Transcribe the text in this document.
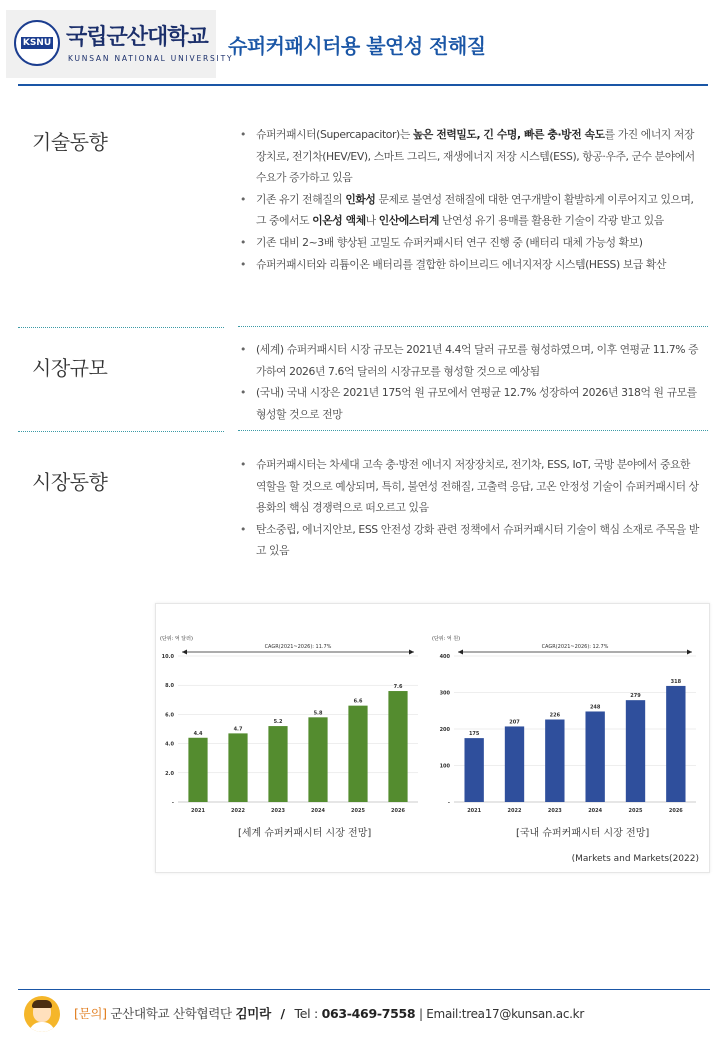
KSNU 국립군산대학교
KUNSAN NATIONAL UNIVERSITY
슈퍼커패시터용 불연성 전해질
기술동향
•	슈퍼커패시터(Supercapacitor)는 높은 전력밀도, 긴 수명, 빠른 충·방전 속도를 가진 에너지 저장 장치로, 전기차(HEV/EV), 스마트 그리드, 재생에너지 저장 시스템(ESS), 항공·우주, 군수 분야에서 수요가 증가하고 있음
• 기존 유기 전해질의 인화성 문제로 불연성 전해질에 대한 연구개발이 활발하게 이루어지고 있으며, 그 중에서도 이온성 액체나 인산에스터계 난연성 유기 용매를 활용한 기술이 각광 받고 있음
• 기존 대비 2~3배 향상된 고밀도 슈퍼커패시터 연구 진행 중 (배터리 대체 가능성 확보)
• 슈퍼커패시터와 리튬이온 배터리를 결합한 하이브리드 에너지저장 시스템(HESS) 보급 확산
시장규모
• (세계) 슈퍼커패시터 시장 규모는 2021년 4.4억 달러 규모를 형성하였으며, 이후 연평균 11.7% 증가하여 2026년 7.6억 달러의 시장규모를 형성할 것으로 예상됨
• (국내) 국내 시장은 2021년 175억 원 규모에서 연평균 12.7% 성장하여 2026년 318억 원 규모를 형성할 것으로 전망
시장동향
• 슈퍼커패시터는 차세대 고속 충·방전 에너지 저장장치로, 전기차, ESS, IoT, 국방 분야에서 중요한 역할을 할 것으로 예상되며, 특히, 불연성 전해질, 고출력 응답, 고온 안정성 기술이 슈퍼커패시터 상용화의 핵심 경쟁력으로 떠오르고 있음
• 탄소중립, 에너지안보, ESS 안전성 강화 관련 정책에서 슈퍼커패시터 기술이 핵심 소재로 주목을 받고 있음
(단위: 억 달러)
CAGR(2021~2026): 11.7%
10.0
8.0
6.0
4.0
2.0
-
4.4
2021
4.7
2022
5.2
2023
5.8
2024
6.6
2025
7.6
2026
(단위: 억 원)
CAGR(2021~2026): 12.7%
400
300
200
100
-
175
2021
207
2022
226
2023
248
2024
279
2025
318
2026
[세계 슈퍼커패시터 시장 전망]	[국내 슈퍼커패시터 시장 전망]
(Markets and Markets(2022)
[문의] 군산대학교 산학협력단 김미라 / Tel : 063-469-7558 | Email:trea17@kunsan.ac.kr
